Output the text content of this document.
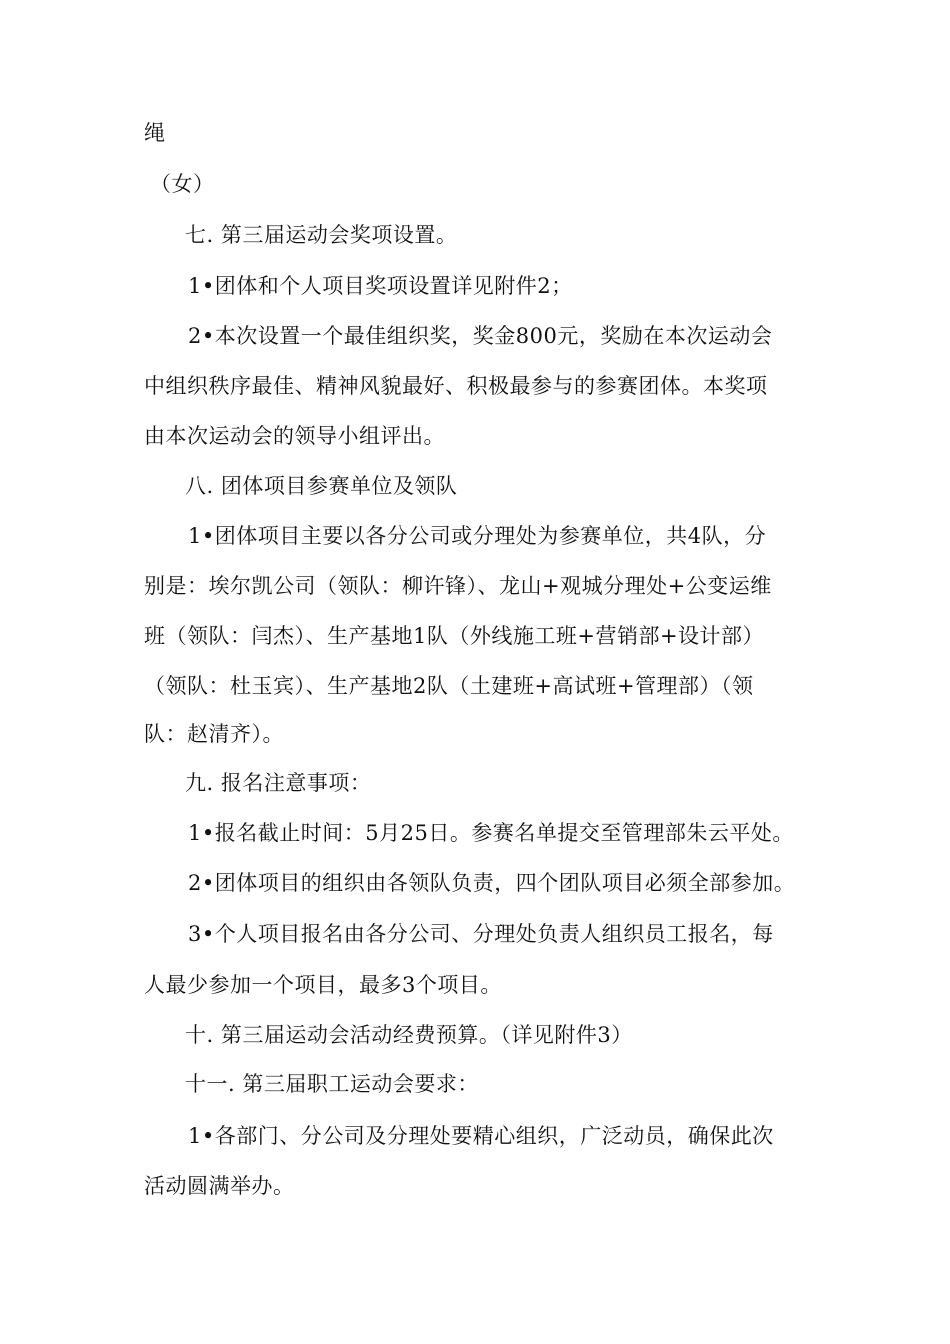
绳
（女）
七. 第三届运动会奖项设置。
1•团体和个人项目奖项设置详见附件2；
2•本次设置一个最佳组织奖，奖金800元，奖励在本次运动会
中组织秩序最佳、精神风貌最好、积极最参与的参赛团体。本奖项
由本次运动会的领导小组评出。
八. 团体项目参赛单位及领队
1•团体项目主要以各分公司或分理处为参赛单位，共4队，分
别是：埃尔凯公司（领队：柳许锋）、龙山+观城分理处+公变运维
班（领队：闫杰）、生产基地1队（外线施工班+营销部+设计部）
（领队：杜玉宾）、生产基地2队（土建班+高试班+管理部）（领
队：赵清齐）。
九. 报名注意事项：
1•报名截止时间：5月25日。参赛名单提交至管理部朱云平处。
2•团体项目的组织由各领队负责，四个团队项目必须全部参加。
3•个人项目报名由各分公司、分理处负责人组织员工报名，每
人最少参加一个项目，最多3个项目。
十. 第三届运动会活动经费预算。（详见附件3）
十一. 第三届职工运动会要求：
1•各部门、分公司及分理处要精心组织，广泛动员，确保此次
活动圆满举办。
